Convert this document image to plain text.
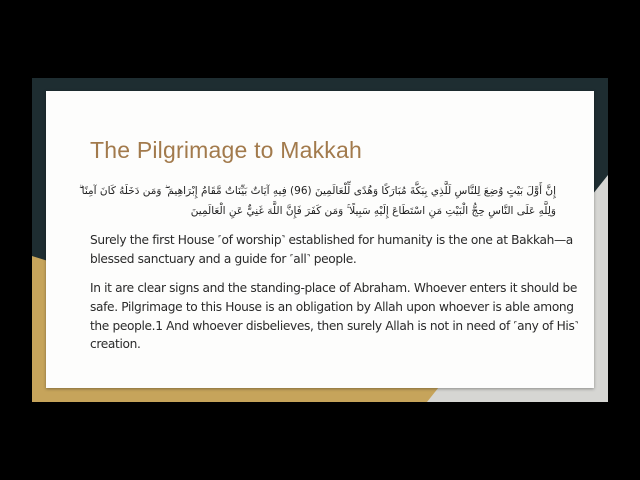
The Pilgrimage to Makkah
إِنَّ أَوَّلَ بَيْتٍ وُضِعَ لِلنَّاسِ لَلَّذِي بِبَكَّةَ مُبَارَكًا وَهُدًى لِّلْعَالَمِينَ (96) فِيهِ آيَاتٌ بَيِّنَاتٌ مَّقَامُ إِبْرَاهِيمَ ۖ وَمَن دَخَلَهُ كَانَ آمِنًا ۗ وَلِلَّهِ عَلَى النَّاسِ حِجُّ الْبَيْتِ مَنِ اسْتَطَاعَ إِلَيْهِ سَبِيلًا ۚ وَمَن كَفَرَ فَإِنَّ اللَّهَ غَنِيٌّ عَنِ الْعَالَمِينَ
Surely the first House ˹of worship˺ established for humanity is the one at Bakkah—a blessed sanctuary and a guide for ˹all˺ people.
In it are clear signs and the standing-place of Abraham. Whoever enters it should be safe. Pilgrimage to this House is an obligation by Allah upon whoever is able among the people.1 And whoever disbelieves, then surely Allah is not in need of ˹any of His˺ creation.
